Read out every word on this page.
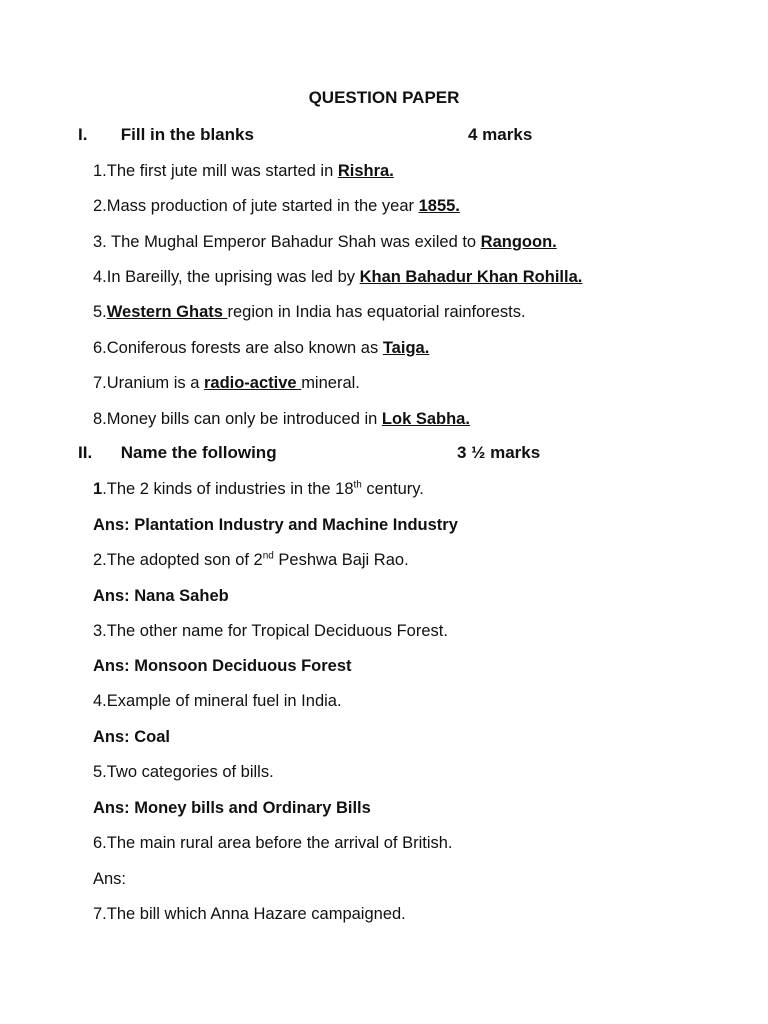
QUESTION PAPER
I. Fill in the blanks	4 marks
1.The first jute mill was started in Rishra.
2.Mass production of jute started in the year 1855.
3. The Mughal Emperor Bahadur Shah was exiled to Rangoon.
4.In Bareilly, the uprising was led by Khan Bahadur Khan Rohilla.
5.Western Ghats region in India has equatorial rainforests.
6.Coniferous forests are also known as Taiga.
7.Uranium is a radio-active mineral.
8.Money bills can only be introduced in Lok Sabha.
II. Name the following	3 ½ marks
1.The 2 kinds of industries in the 18th century.
Ans: Plantation Industry and Machine Industry
2.The adopted son of 2nd Peshwa Baji Rao.
Ans: Nana Saheb
3.The other name for Tropical Deciduous Forest.
Ans: Monsoon Deciduous Forest
4.Example of mineral fuel in India.
Ans: Coal
5.Two categories of bills.
Ans: Money bills and Ordinary Bills
6.The main rural area before the arrival of British.
Ans:
7.The bill which Anna Hazare campaigned.
